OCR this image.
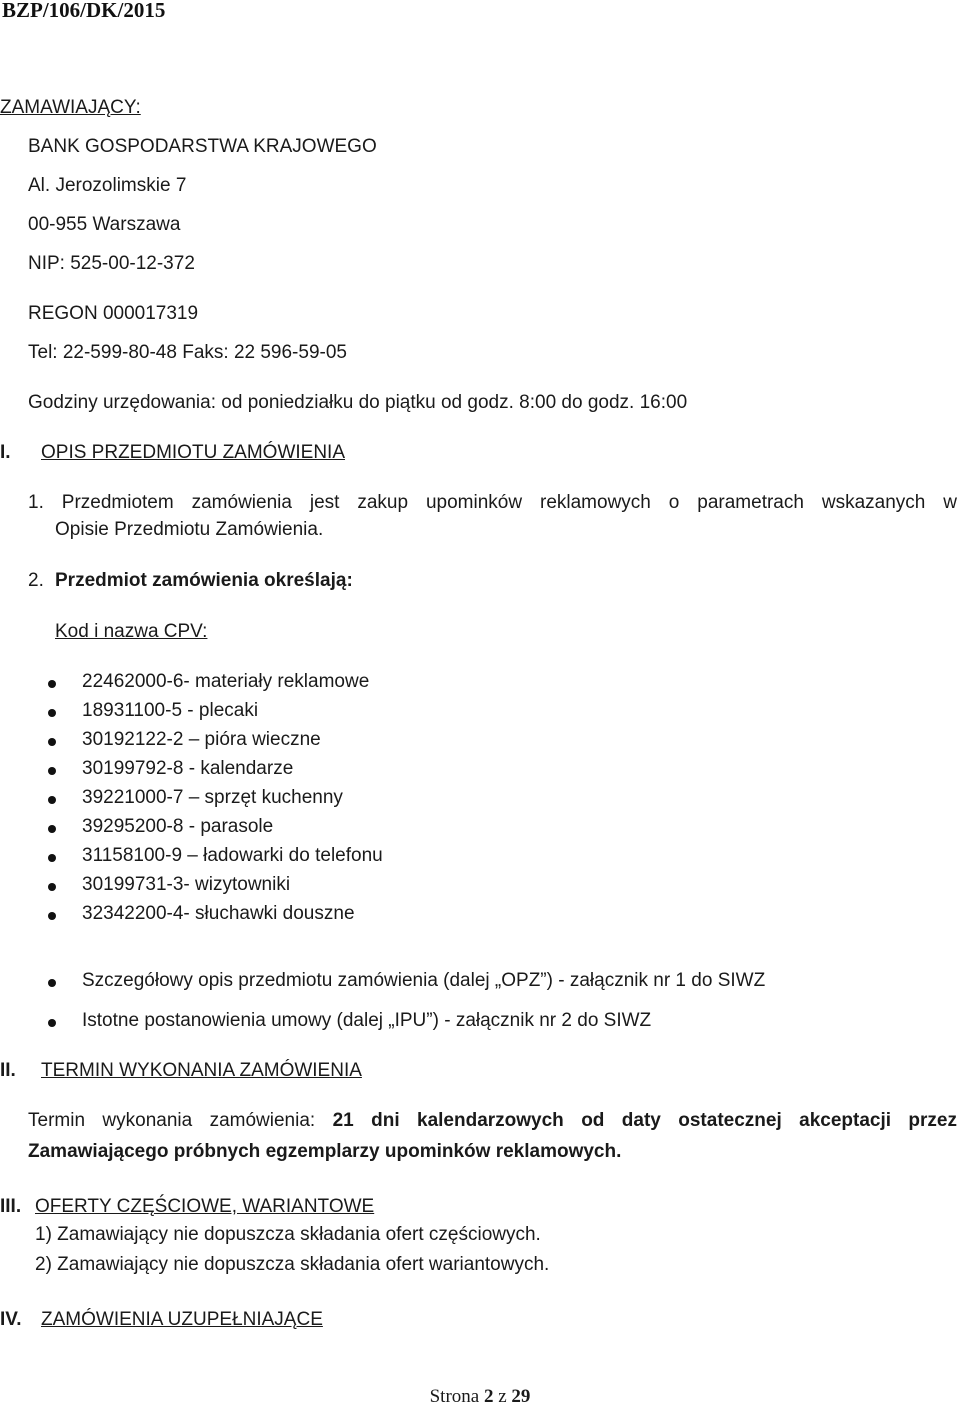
BZP/106/DK/2015
ZAMAWIAJĄCY:
BANK GOSPODARSTWA KRAJOWEGO
Al. Jerozolimskie 7
00-955 Warszawa
NIP: 525-00-12-372
REGON 000017319
Tel: 22-599-80-48 Faks: 22 596-59-05
Godziny urzędowania: od poniedziałku do piątku od godz. 8:00 do godz. 16:00
I. OPIS PRZEDMIOTU ZAMÓWIENIA
1. Przedmiotem zamówienia jest zakup upominków reklamowych o parametrach wskazanych w
Opisie Przedmiotu Zamówienia.
2. Przedmiot zamówienia określają:
Kod i nazwa CPV:
22462000-6- materiały reklamowe
18931100-5 - plecaki
30192122-2 – pióra wieczne
30199792-8 - kalendarze
39221000-7 – sprzęt kuchenny
39295200-8 - parasole
31158100-9 – ładowarki do telefonu
30199731-3- wizytowniki
32342200-4- słuchawki douszne
Szczegółowy opis przedmiotu zamówienia (dalej „OPZ”) - załącznik nr 1 do SIWZ
Istotne postanowienia umowy (dalej „IPU”) - załącznik nr 2 do SIWZ
II. TERMIN WYKONANIA ZAMÓWIENIA
Termin wykonania zamówienia: 21 dni kalendarzowych od daty ostatecznej akceptacji przez
Zamawiającego próbnych egzemplarzy upominków reklamowych.
III. OFERTY CZĘŚCIOWE, WARIANTOWE
1) Zamawiający nie dopuszcza składania ofert częściowych.
2) Zamawiający nie dopuszcza składania ofert wariantowych.
IV. ZAMÓWIENIA UZUPEŁNIAJĄCE
Strona 2 z 29
